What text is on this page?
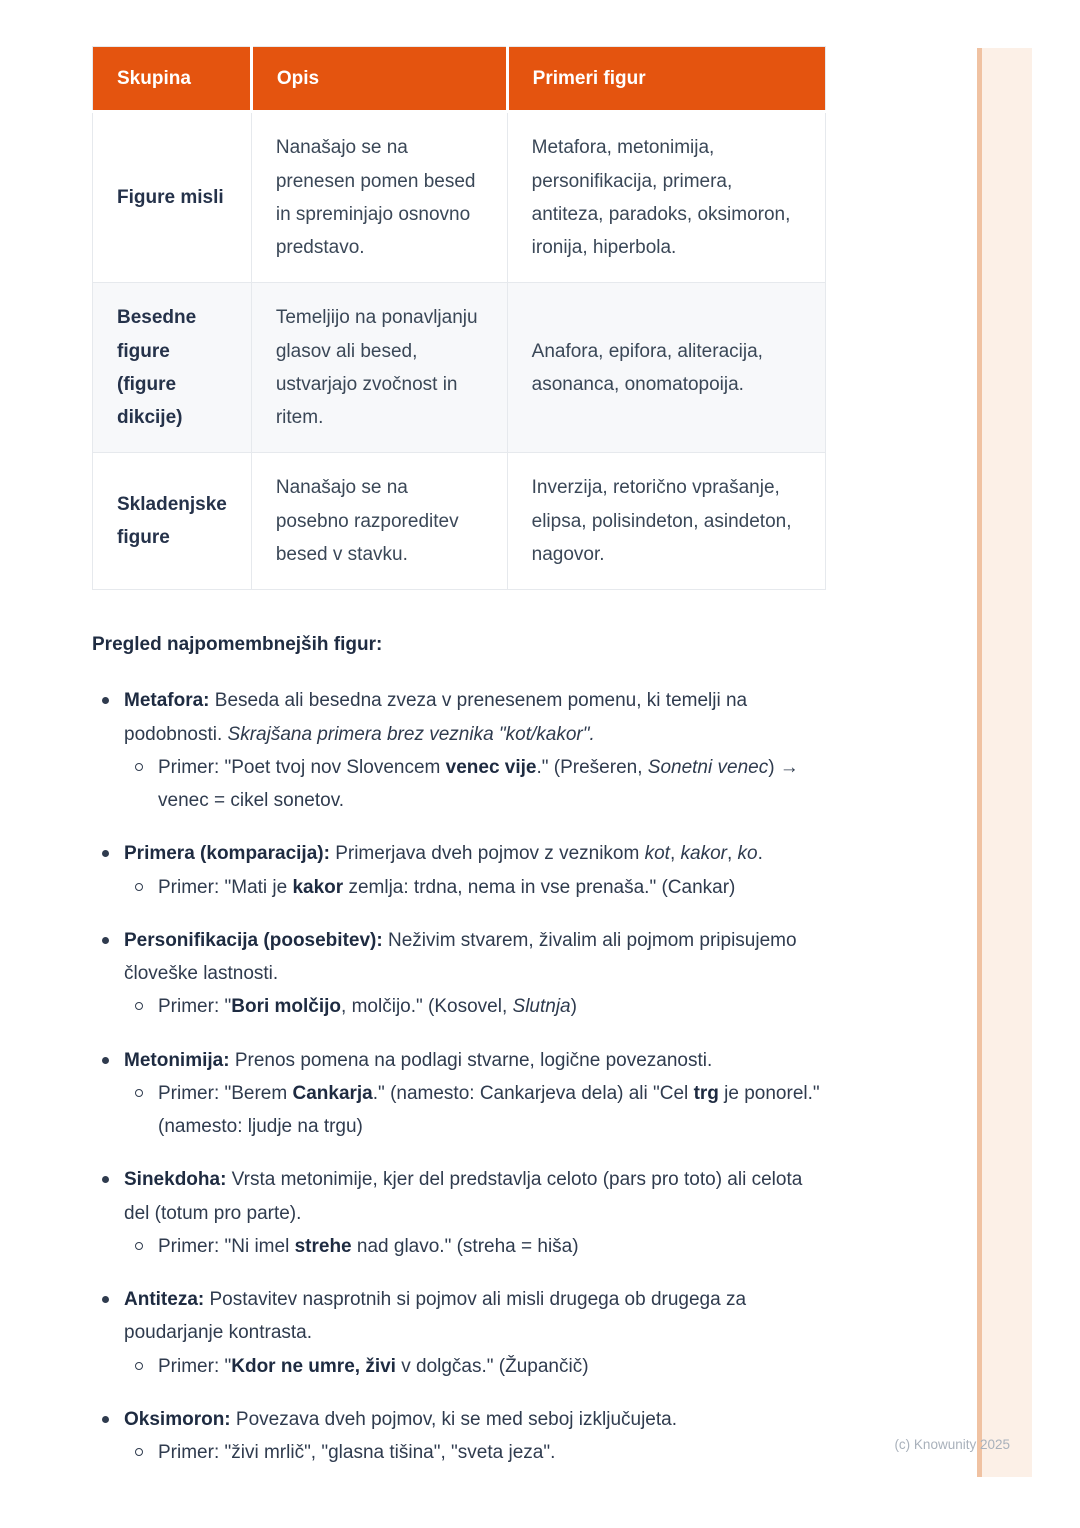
Skupina	Opis	Primeri figur
Figure misli	Nanašajo se na prenesen pomen besed in spreminjajo osnovno predstavo.	Metafora, metonimija, personifikacija, primera, antiteza, paradoks, oksimoron, ironija, hiperbola.
Besedne figure (figure dikcije)	Temeljijo na ponavljanju glasov ali besed, ustvarjajo zvočnost in ritem.	Anafora, epifora, aliteracija, asonanca, onomatopoija.
Skladenjske figure	Nanašajo se na posebno razporeditev besed v stavku.	Inverzija, retorično vprašanje, elipsa, polisindeton, asindeton, nagovor.
Pregled najpomembnejših figur:
Metafora: Beseda ali besedna zveza v prenesenem pomenu, ki temelji na podobnosti. Skrajšana primera brez veznika "kot/kakor".
Primer: "Poet tvoj nov Slovencem venec vije." (Prešeren, Sonetni venec) → venec = cikel sonetov.
Primera (komparacija): Primerjava dveh pojmov z veznikom kot, kakor, ko.
Primer: "Mati je kakor zemlja: trdna, nema in vse prenaša." (Cankar)
Personifikacija (poosebitev): Neživim stvarem, živalim ali pojmom pripisujemo človeške lastnosti.
Primer: "Bori molčijo, molčijo." (Kosovel, Slutnja)
Metonimija: Prenos pomena na podlagi stvarne, logične povezanosti.
Primer: "Berem Cankarja." (namesto: Cankarjeva dela) ali "Cel trg je ponorel." (namesto: ljudje na trgu)
Sinekdoha: Vrsta metonimije, kjer del predstavlja celoto (pars pro toto) ali celota del (totum pro parte).
Primer: "Ni imel strehe nad glavo." (streha = hiša)
Antiteza: Postavitev nasprotnih si pojmov ali misli drugega ob drugega za poudarjanje kontrasta.
Primer: "Kdor ne umre, živi v dolgčas." (Župančič)
Oksimoron: Povezava dveh pojmov, ki se med seboj izključujeta.
Primer: "živi mrlič", "glasna tišina", "sveta jeza".	(c) Knowunity 2025
